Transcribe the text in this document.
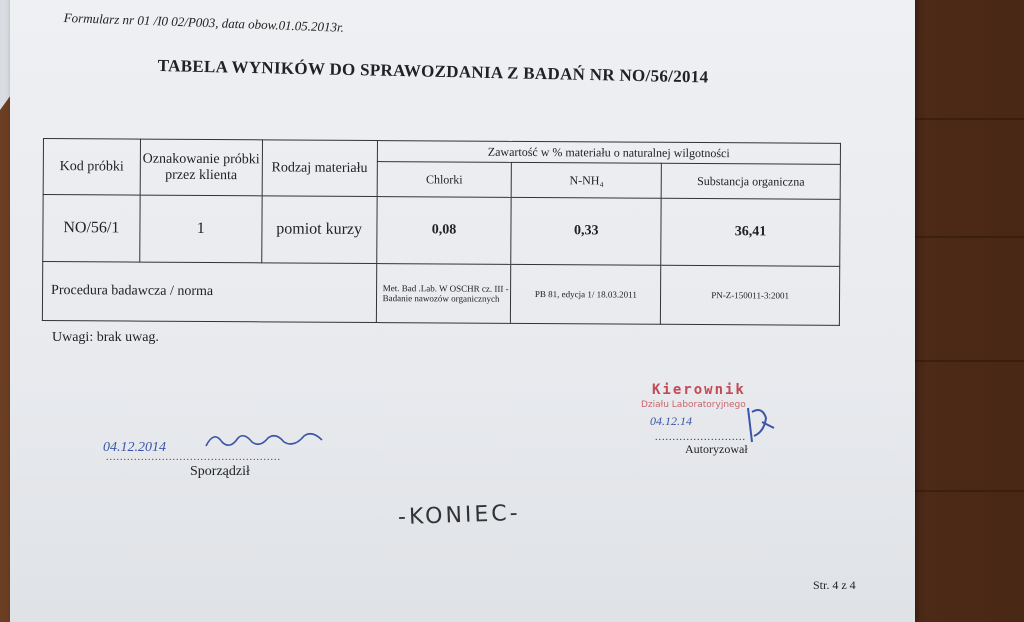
Formularz nr 01 /I0 02/P003, data obow.01.05.2013r.
TABELA WYNIKÓW DO SPRAWOZDANIA Z BADAŃ NR NO/56/2014
Kod próbki	Oznakowanie próbki przez klienta	Rodzaj materiału	Zawartość w % materiału o naturalnej wilgotności		
			Chlorki	N-NH₄	Substancja organiczna
NO/56/1	1	pomiot kurzy	0,08	0,33	36,41
Procedura badawcza / norma			Met. Bad .Lab. W OSCHR cz. III - Badanie nawozów organicznych	PB 81, edycja 1/ 18.03.2011	PN-Z-150011-3:2001
Uwagi: brak uwag.
Kierownik
Działu Laboratoryjnego
04.12.14
..........................
Autoryzował
04.12.2014
..................................................
Sporządził
-KONIEC-
Str. 4 z 4
